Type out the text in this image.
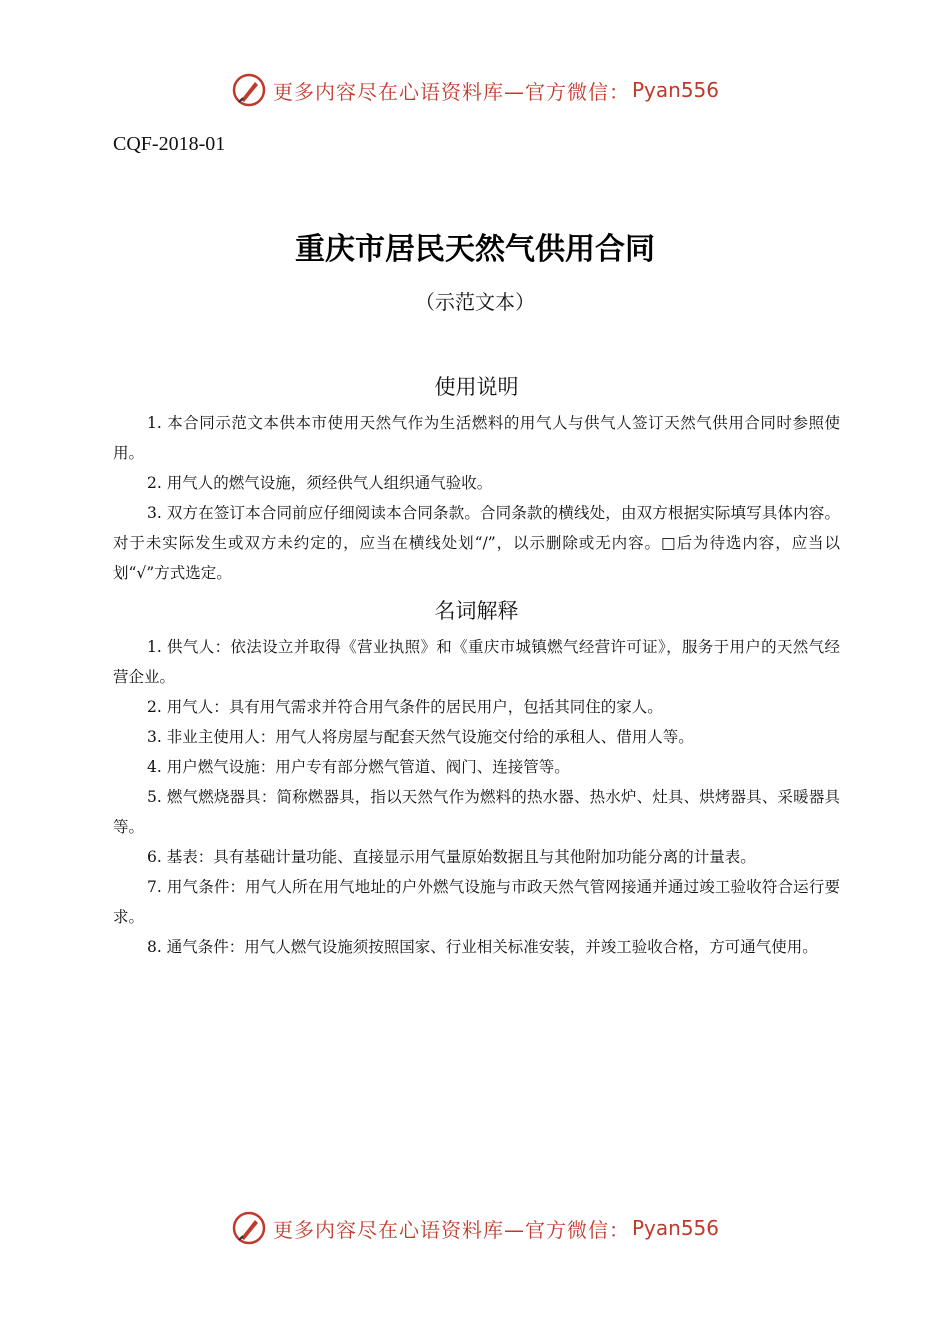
更多内容尽在心语资料库—官方微信： Pyan556
CQF-2018-01
重庆市居民天然气供用合同
（示范文本）
使用说明

1. 本合同示范文本供本市使用天然气作为生活燃料的用气人与供气人签订天然气供用合同时参照使用。

2. 用气人的燃气设施，须经供气人组织通气验收。

3. 双方在签订本合同前应仔细阅读本合同条款。合同条款的横线处，由双方根据实际填写具体内容。对于未实际发生或双方未约定的，应当在横线处划“/”，以示删除或无内容。□后为待选内容，应当以划“√”方式选定。

名词解释

1. 供气人：依法设立并取得《营业执照》和《重庆市城镇燃气经营许可证》，服务于用户的天然气经营企业。

2. 用气人：具有用气需求并符合用气条件的居民用户，包括其同住的家人。

3. 非业主使用人：用气人将房屋与配套天然气设施交付给的承租人、借用人等。

4. 用户燃气设施：用户专有部分燃气管道、阀门、连接管等。

5. 燃气燃烧器具：简称燃器具，指以天然气作为燃料的热水器、热水炉、灶具、烘烤器具、采暖器具等。

6. 基表：具有基础计量功能、直接显示用气量原始数据且与其他附加功能分离的计量表。

7. 用气条件：用气人所在用气地址的户外燃气设施与市政天然气管网接通并通过竣工验收符合运行要求。

8. 通气条件：用气人燃气设施须按照国家、行业相关标准安装，并竣工验收合格，方可通气使用。

更多内容尽在心语资料库—官方微信： Pyan556
